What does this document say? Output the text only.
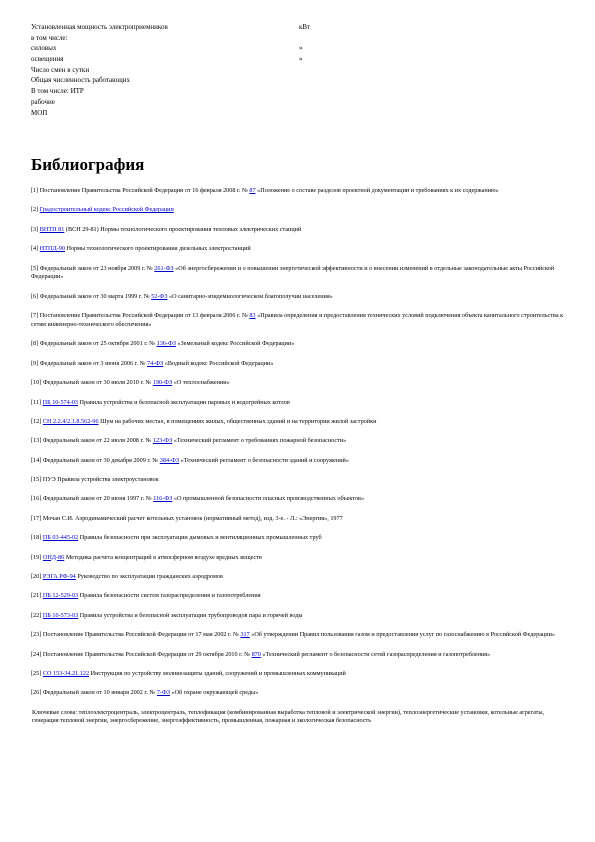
Установленная мощность электроприемников	кВт
в том числе:
силовых	»
освещения	»
Число смен в сутки
Общая численность работающих
В том числе: ИТР
рабочие
МОП
Библиография
[1] Постановление Правительства Российской Федерации от 16 февраля 2008 г. № 87 «Положение о составе разделов проектной документации и требованиях к их содержанию»
[2] Градостроительный кодекс Российской Федерации
[3] ВНТП 81 (ВСН 29-81) Нормы технологического проектирования тепловых электрических станций
[4] НТПД-90 Нормы технологического проектирования дизельных электростанций
[5] Федеральный закон от 23 ноября 2009 г. № 261-ФЗ «Об энергосбережении и о повышении энергетической эффективности и о внесении изменений в отдельные законодательные акты Российской Федерации»
[6] Федеральный закон от 30 марта 1999 г. № 52-ФЗ «О санитарно-эпидемиологическом благополучии населения»
[7] Постановление Правительства Российской Федерации от 13 февраля 2006 г. № 83 «Правила определения и предоставления технических условий подключения объекта капитального строительства к сетям инженерно-технического обеспечения»
[8] Федеральный закон от 25 октября 2001 г. № 136-ФЗ «Земельный кодекс Российской Федерации»
[9] Федеральный закон от 3 июня 2006 г. № 74-ФЗ «Водный кодекс Российской Федерации»
[10] Федеральный закон от 30 июля 2010 г. № 190-ФЗ «О теплоснабжении»
[11] ПБ 10-574-03 Правила устройства и безопасной эксплуатации паровых и водогрейных котлов
[12] СН 2.2.4/2.1.8.562-96 Шум на рабочих местах, в помещениях жилых, общественных зданий и на территории жилой застройки
[13] Федеральный закон от 22 июля 2008 г. № 123-ФЗ «Технический регламент о требованиях пожарной безопасности»
[14] Федеральный закон от 30 декабря 2009 г. № 384-ФЗ «Технический регламент о безопасности зданий и сооружений»
[15] ПУЭ Правила устройства электроустановок
[16] Федеральный закон от 20 июня 1997 г. № 116-ФЗ «О промышленной безопасности опасных производственных объектов»
[17] Мочан С.И. Аэродинамический расчет котельных установок (нормативный метод), изд. 3-е. - Л.: «Энергия», 1977
[18] ПБ 03-445-02 Правила безопасности при эксплуатации дымовых и вентиляционных промышленных труб
[19] ОНД-86 Методика расчета концентраций в атмосферном воздухе вредных веществ
[20] РЭГА РФ-94 Руководство по эксплуатации гражданских аэродромов
[21] ПБ 12-529-03 Правила безопасности систем газораспределения и газопотребления
[22] ПБ 10-573-03 Правила устройства и безопасной эксплуатации трубопроводов пара и горячей воды
[23] Постановление Правительства Российской Федерации от 17 мая 2002 г. № 317 «Об утверждении Правил пользования газом и предоставления услуг по газоснабжению в Российской Федерации»
[24] Постановление Правительства Российской Федерации от 29 октября 2010 г. № 870 «Технический регламент о безопасности сетей газораспределения и газопотребления»
[25] СО 153-34.21.122 Инструкция по устройству молниезащиты зданий, сооружений и промышленных коммуникаций
[26] Федеральный закон от 10 января 2002 г. № 7-ФЗ «Об охране окружающей среды»
Ключевые слова: теплоэлектроцентраль, электроцентраль, теплофикация (комбинированная выработка тепловой и электрической энергии), теплоэнергетические установки, котельные агрегаты, генерация тепловой энергии, энергосбережение, энергоэффективность, промышленная, пожарная и экологическая безопасность
